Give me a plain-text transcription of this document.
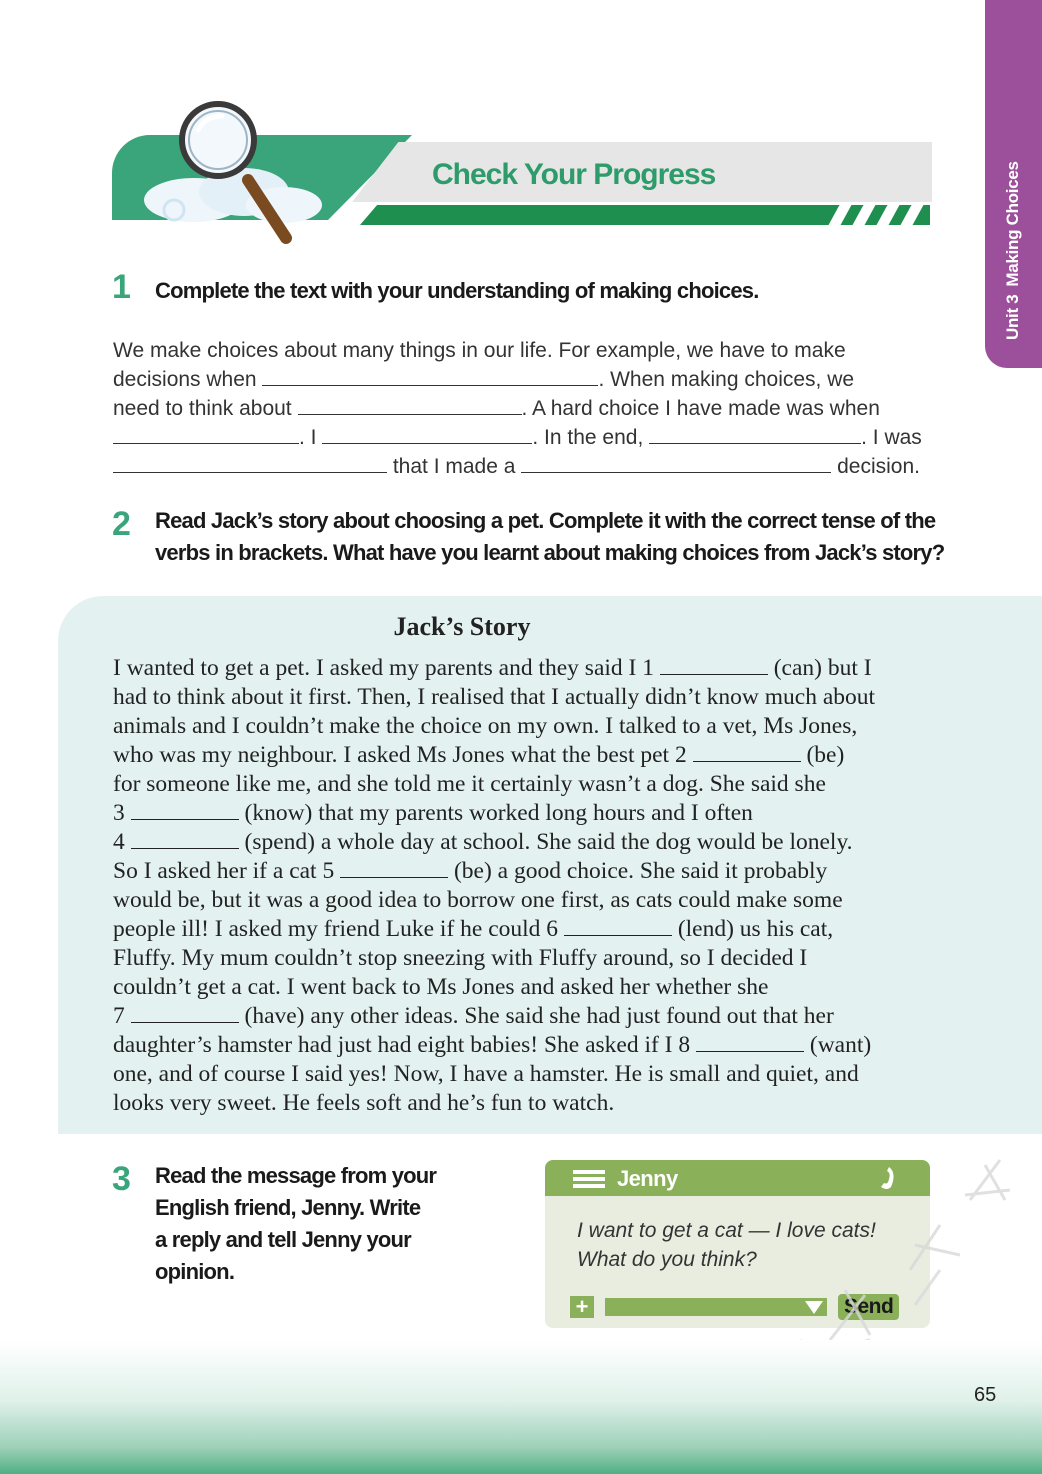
Unit 3Making Choices
Check Your Progress
1 Complete the text with your understanding of making choices.
We make choices about many things in our life. For example, we have to make
decisions when	. When making choices, we
need to think about	. A hard choice I have made was when
. I	. In the end,	. I was
that I made a	decision.
2 Read Jack’s story about choosing a pet. Complete it with the correct tense of the
verbs in brackets. What have you learnt about making choices from Jack’s story?
Jack’s Story
I wanted to get a pet. I asked my parents and they said I 1	(can) but I
had to think about it first. Then, I realised that I actually didn’t know much about
animals and I couldn’t make the choice on my own. I talked to a vet, Ms Jones,
who was my neighbour. I asked Ms Jones what the best pet 2	(be)
for someone like me, and she told me it certainly wasn’t a dog. She said she
3	(know) that my parents worked long hours and I often
4	(spend) a whole day at school. She said the dog would be lonely.
So I asked her if a cat 5	(be) a good choice. She said it probably
would be, but it was a good idea to borrow one first, as cats could make some
people ill! I asked my friend Luke if he could 6	(lend) us his cat,
Fluffy. My mum couldn’t stop sneezing with Fluffy around, so I decided I
couldn’t get a cat. I went back to Ms Jones and asked her whether she
7	(have) any other ideas. She said she had just found out that her
daughter’s hamster had just had eight babies! She asked if I 8	(want)
one, and of course I said yes! Now, I have a hamster. He is small and quiet, and
looks very sweet. He feels soft and he’s fun to watch.
3 Read the message from your
English friend, Jenny. Write
a reply and tell Jenny your
opinion.
Jenny
I want to get a cat — I love cats!
What do you think?
+	Send
65
